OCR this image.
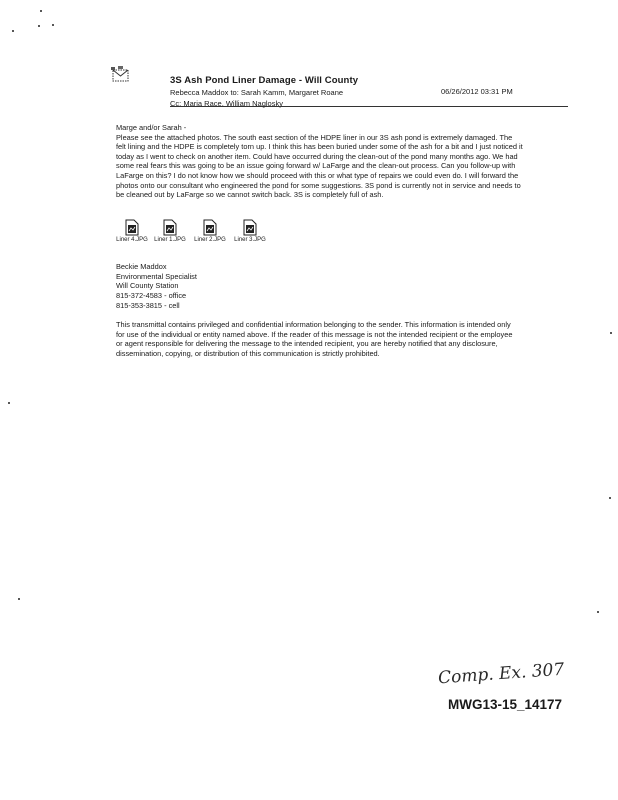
3S Ash Pond Liner Damage - Will County
Rebecca Maddox to: Sarah Kamm, Margaret Roane	06/26/2012 03:31 PM
Cc: Maria Race, William Naglosky

Marge and/or Sarah -

Please see the attached photos. The south east section of the HDPE liner in our 3S ash pond is extremely damaged. The felt lining and the HDPE is completely torn up. I think this has been buried under some of the ash for a bit and I just noticed it today as I went to check on another item. Could have occurred during the clean-out of the pond many months ago. We had some real fears this was going to be an issue going forward w/ LaFarge and the clean-out process. Can you follow-up with LaFarge on this? I do not know how we should proceed with this or what type of repairs we could even do. I will forward the photos onto our consultant who engineered the pond for some suggestions. 3S pond is currently not in service and needs to be cleaned out by LaFarge so we cannot switch back. 3S is completely full of ash.

Liner 4.JPG Liner 1.JPG Liner 2.JPG Liner 3.JPG
Beckie Maddox
Environmental Specialist
Will County Station
815-372-4583 - office
815-353-3815 - cell
This transmittal contains privileged and confidential information belonging to the sender. This information is intended only for use of the individual or entity named above. If the reader of this message is not the intended recipient or the employee or agent responsible for delivering the message to the intended recipient, you are hereby notified that any disclosure, dissemination, copying, or distribution of this communication is strictly prohibited.
Comp. Ex. 307
MWG13-15_14177
